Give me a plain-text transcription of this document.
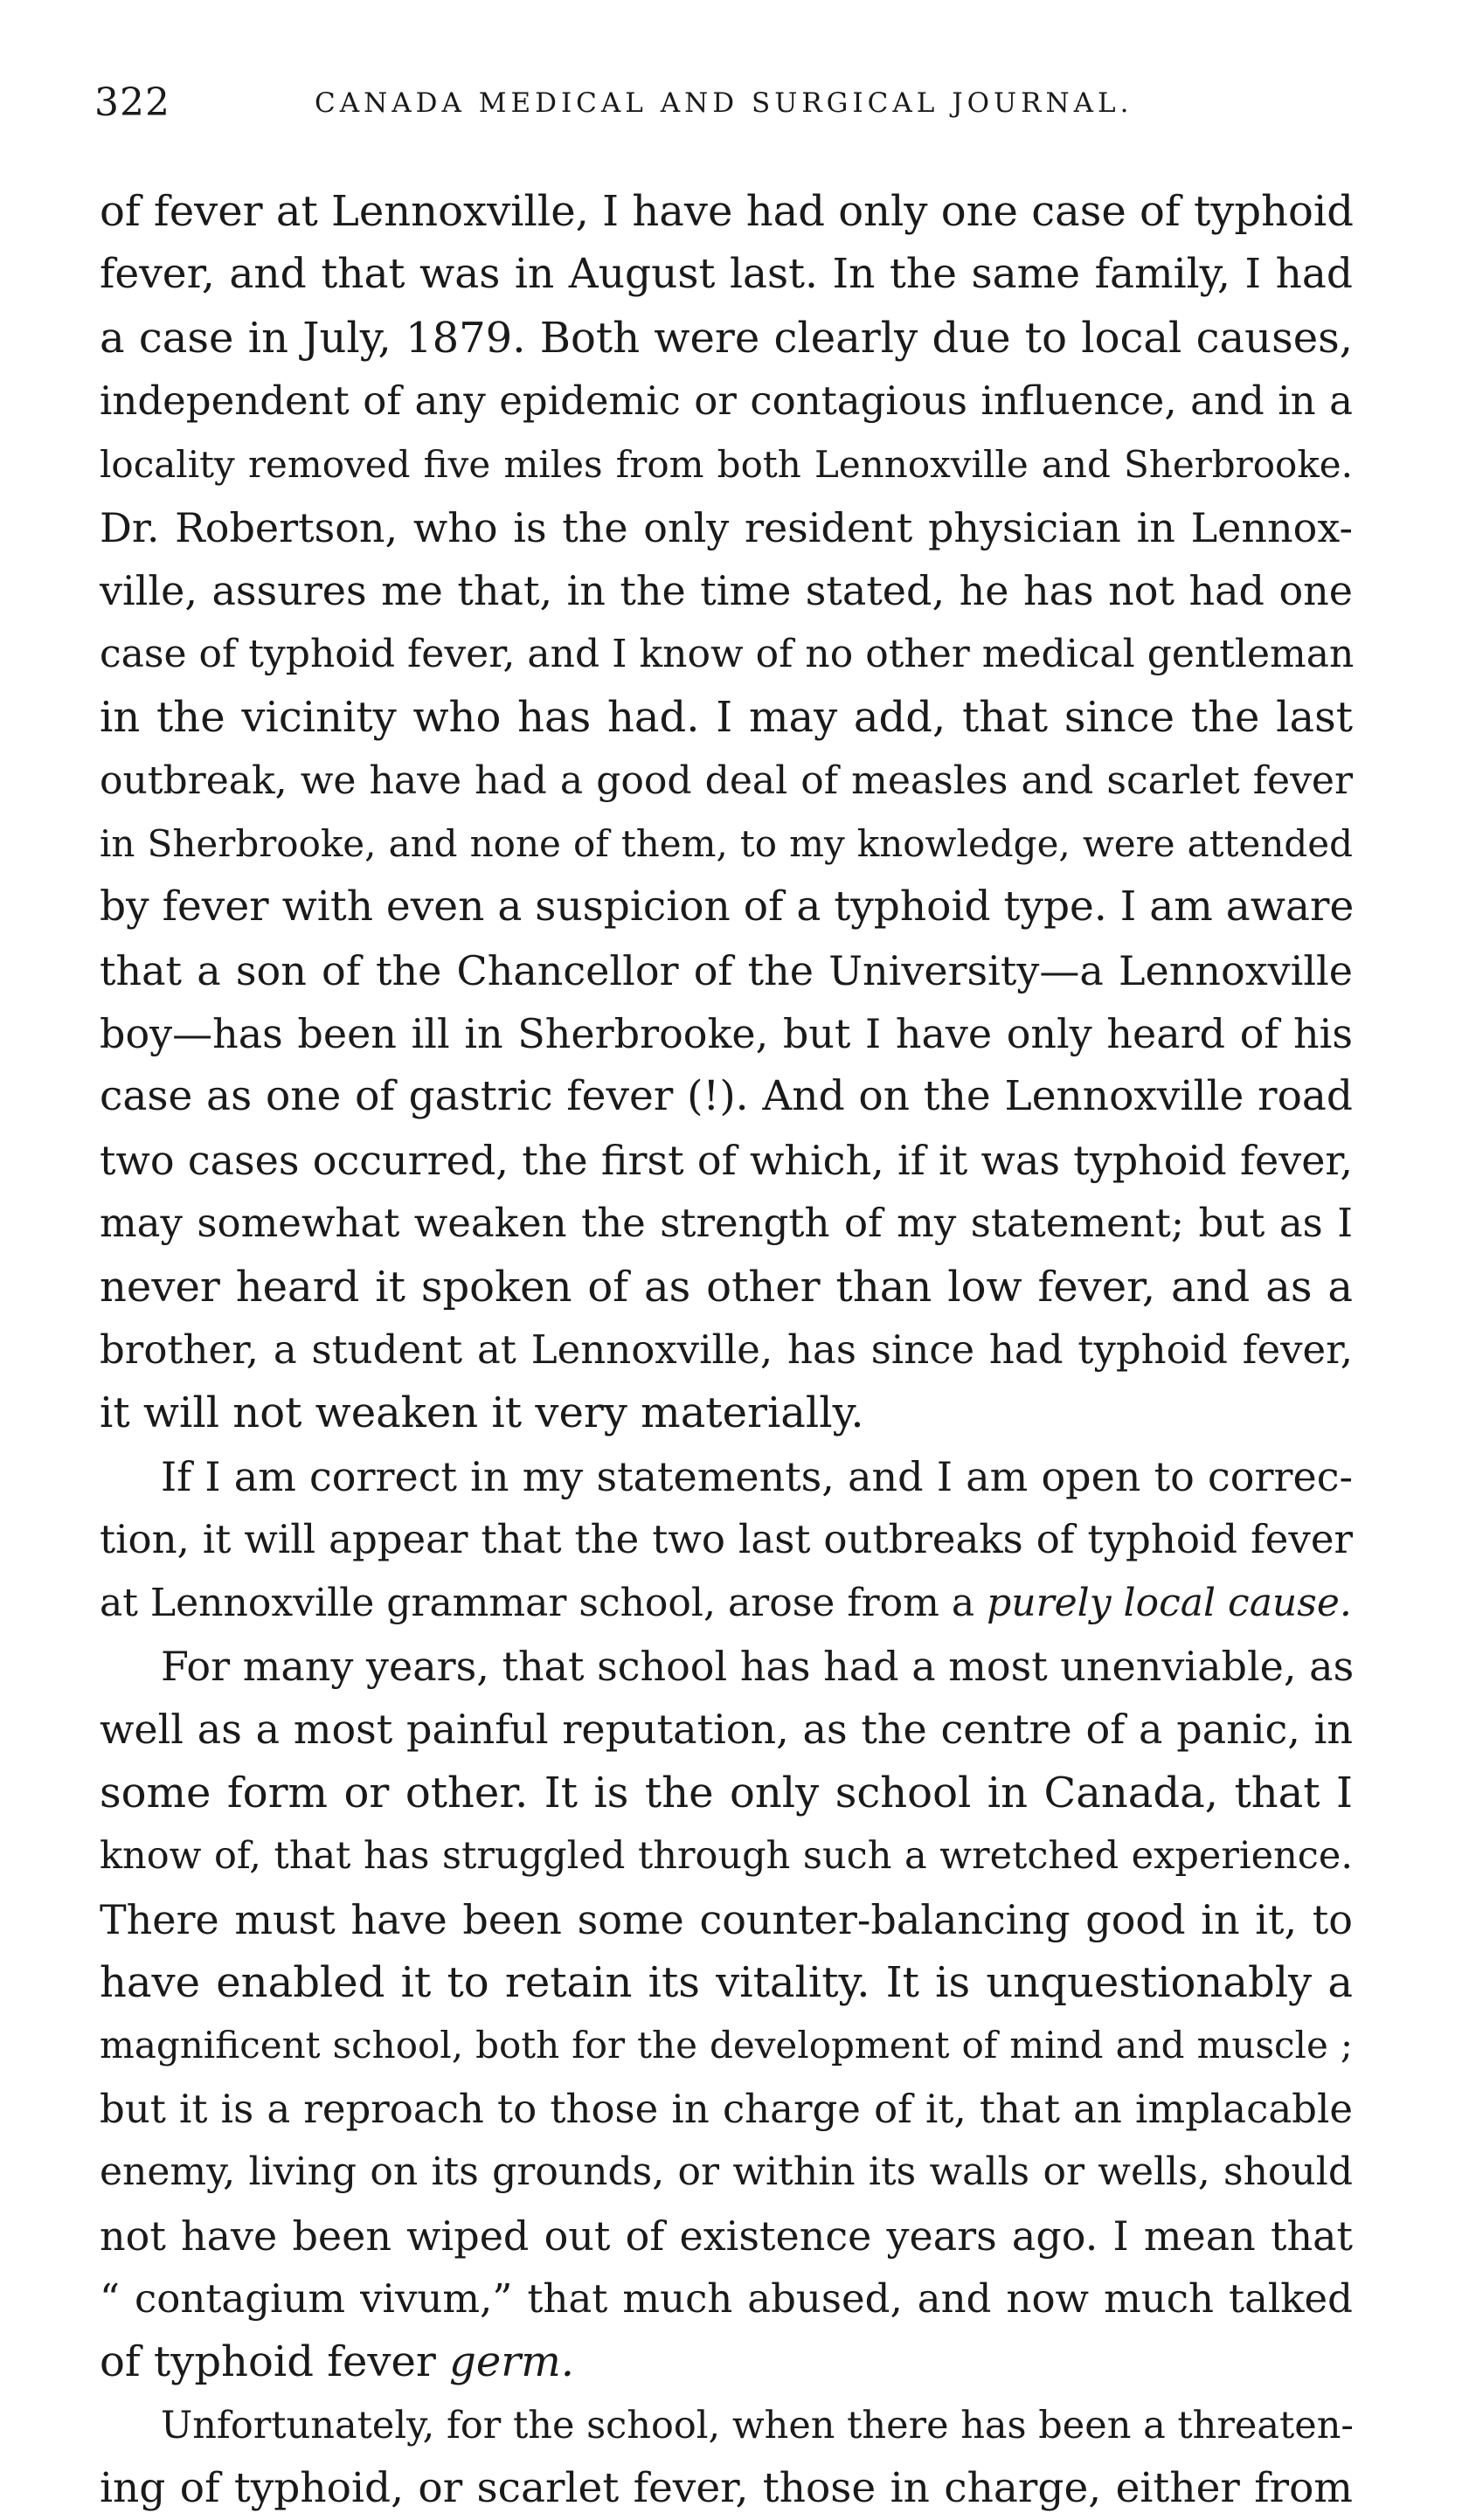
322	CANADA MEDICAL AND SURGICAL JOURNAL.
of fever at Lennoxville, I have had only one case of typhoid
fever, and that was in August last. In the same family, I had
a case in July, 1879. Both were clearly due to local causes,
independent of any epidemic or contagious influence, and in a
locality removed five miles from both Lennoxville and Sherbrooke.
Dr. Robertson, who is the only resident physician in Lennox-
ville, assures me that, in the time stated, he has not had one
case of typhoid fever, and I know of no other medical gentleman
in the vicinity who has had. I may add, that since the last
outbreak, we have had a good deal of measles and scarlet fever
in Sherbrooke, and none of them, to my knowledge, were attended
by fever with even a suspicion of a typhoid type. I am aware
that a son of the Chancellor of the University—a Lennoxville
boy—has been ill in Sherbrooke, but I have only heard of his
case as one of gastric fever (!). And on the Lennoxville road
two cases occurred, the first of which, if it was typhoid fever,
may somewhat weaken the strength of my statement; but as I
never heard it spoken of as other than low fever, and as a
brother, a student at Lennoxville, has since had typhoid fever,
it will not weaken it very materially.
If I am correct in my statements, and I am open to correc-
tion, it will appear that the two last outbreaks of typhoid fever
at Lennoxville grammar school, arose from a purely local cause.
For many years, that school has had a most unenviable, as
well as a most painful reputation, as the centre of a panic, in
some form or other. It is the only school in Canada, that I
know of, that has struggled through such a wretched experience.
There must have been some counter-balancing good in it, to
have enabled it to retain its vitality. It is unquestionably a
magnificent school, both for the development of mind and muscle ;
but it is a reproach to those in charge of it, that an implacable
enemy, living on its grounds, or within its walls or wells, should
not have been wiped out of existence years ago. I mean that
“ contagium vivum,” that much abused, and now much talked
of typhoid fever germ.
Unfortunately, for the school, when there has been a threaten-
ing of typhoid, or scarlet fever, those in charge, either from
